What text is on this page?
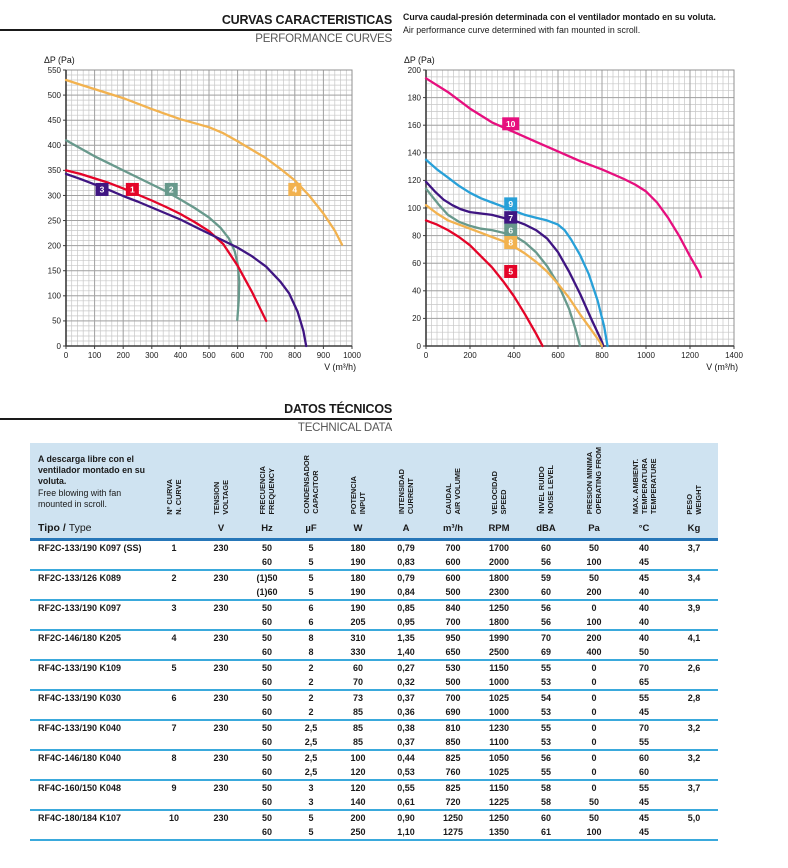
CURVAS CARACTERISTICAS
PERFORMANCE CURVES
Curva caudal-presión determinada con el ventilador montado en su voluta.
Air performance curve determined with fan mounted in scroll.
0
50
100
150
200
250
300
350
400
450
500
550
0 100 200 300 400 500 600 700 800 900 1000
ΔP (Pa)
V (m³/h)
4
2
1
3
0
20
40
60
80
100
120
140
160
180
200
0	200	400	600	800	1000	1200	1400
ΔP (Pa)
V (m³/h)
10
9
7
6
8
5
DATOS TÉCNICOS
TECHNICAL DATA
A descarga libre con el ventilador montado en su voluta.
Free blowing with fan mounted in scroll.	Nº CURVA N. CURVE	TENSION VOLTAGE	FRECUENCIA FREQUENCY	CONDENSADOR CAPACITOR	POTENCIA INPUT	INTENSIDAD CURRENT	CAUDAL AIR VOLUME	VELOCIDAD SPEED	NIVEL RUIDO NOISE LEVEL	PRESION MINIMA OPERATING FROM	MAX. AMBIENT. TEMPERATURA TEMPERATURE	PESO WEIGHT

Tipo / Type		V	Hz	µF	W	A	m³/h	RPM	dBA	Pa	°C	Kg
RF2C-133/190 K097 (SS)	1	230	50	5	180	0,79	700	1700	60	50	40	3,7
			60	5	190	0,83	600	2000	56	100	45	
RF2C-133/126 K089	2	230	(1)50	5	180	0,79	600	1800	59	50	45	3,4
			(1)60	5	190	0,84	500	2300	60	200	40	
RF2C-133/190 K097	3	230	50	6	190	0,85	840	1250	56	0	40	3,9
			60	6	205	0,95	700	1800	56	100	40	
RF2C-146/180 K205	4	230	50	8	310	1,35	950	1990	70	200	40	4,1
			60	8	330	1,40	650	2500	69	400	50	
RF4C-133/190 K109	5	230	50	2	60	0,27	530	1150	55	0	70	2,6
			60	2	70	0,32	500	1000	53	0	65	
RF4C-133/190 K030	6	230	50	2	73	0,37	700	1025	54	0	55	2,8
			60	2	85	0,36	690	1000	53	0	45	
RF4C-133/190 K040	7	230	50	2,5	85	0,38	810	1230	55	0	70	3,2
			60	2,5	85	0,37	850	1100	53	0	55	
RF4C-146/180 K040	8	230	50	2,5	100	0,44	825	1050	56	0	60	3,2
			60	2,5	120	0,53	760	1025	55	0	60	
RF4C-160/150 K048	9	230	50	3	120	0,55	825	1150	58	0	55	3,7
			60	3	140	0,61	720	1225	58	50	45	
RF4C-180/184 K107	10	230	50	5	200	0,90	1250	1250	60	50	45	5,0
			60	5	250	1,10	1275	1350	61	100	45	
